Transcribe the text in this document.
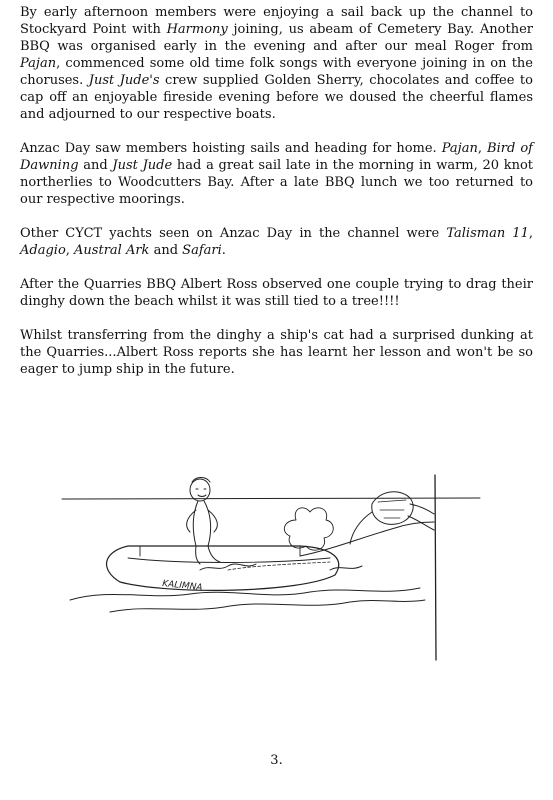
By early afternoon members were enjoying a sail back up the channel to Stockyard Point with Harmony joining, us abeam of Cemetery Bay. Another BBQ was organised early in the evening and after our meal Roger from Pajan, commenced some old time folk songs with everyone joining in on the choruses. Just Jude's crew supplied Golden Sherry, chocolates and coffee to cap off an enjoyable fireside evening before we doused the cheerful flames and adjourned to our respective boats.

Anzac Day saw members hoisting sails and heading for home. Pajan, Bird of Dawning and Just Jude had a great sail late in the morning in warm, 20 knot northerlies to Woodcutters Bay. After a late BBQ lunch we too returned to our respective moorings.

Other CYCT yachts seen on Anzac Day in the channel were Talisman 11, Adagio, Austral Ark and Safari.

After the Quarries BBQ Albert Ross observed one couple trying to drag their dinghy down the beach whilst it was still tied to a tree!!!!

Whilst transferring from the dinghy a ship's cat had a surprised dunking at the Quarries...Albert Ross reports she has learnt her lesson and won't be so eager to jump ship in the future.

KALIMNA
3.
